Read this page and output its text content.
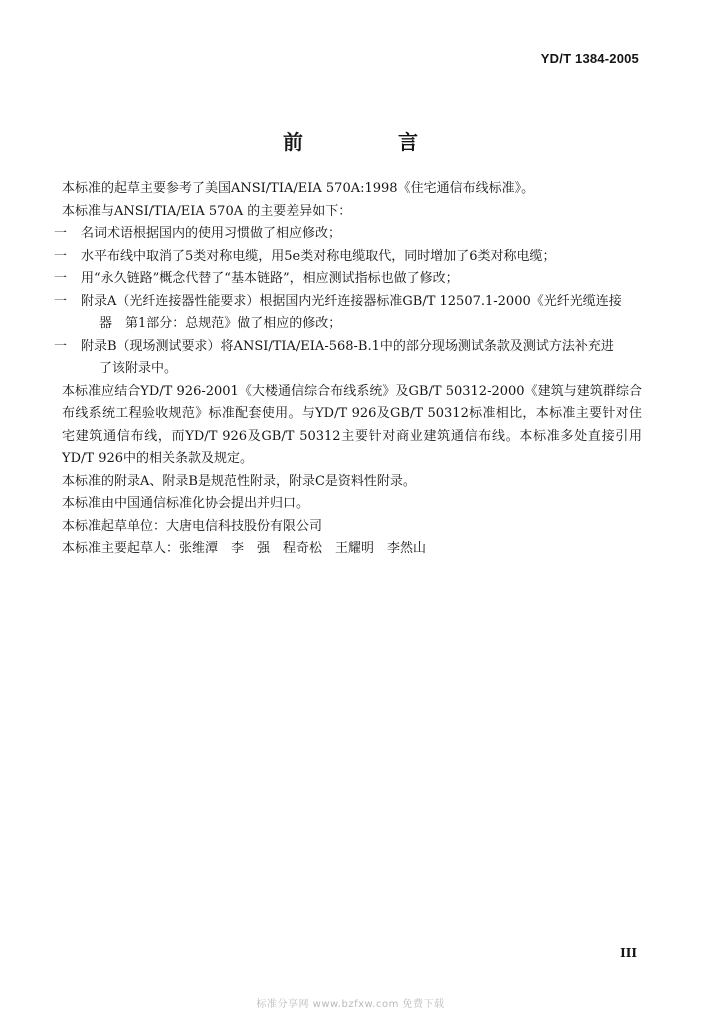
YD/T 1384-2005
前 言

本标准的起草主要参考了美国ANSI/TIA/EIA 570A:1998《住宅通信布线标准》。

本标准与ANSI/TIA/EIA 570A 的主要差异如下：

一	名词术语根据国内的使用习惯做了相应修改；
一	水平布线中取消了5类对称电缆，用5e类对称电缆取代，同时增加了6类对称电缆；
一	用“永久链路”概念代替了“基本链路”，相应测试指标也做了修改；
一	附录A（光纤连接器性能要求）根据国内光纤连接器标准GB/T 12507.1-2000《光纤光缆连接
器　第1部分：总规范》做了相应的修改；
一	附录B（现场测试要求）将ANSI/TIA/EIA-568-B.1中的部分现场测试条款及测试方法补充进
了该附录中。

本标准应结合YD/T 926-2001《大楼通信综合布线系统》及GB/T 50312-2000《建筑与建筑群综合布线系统工程验收规范》标准配套使用。与YD/T 926及GB/T 50312标准相比，本标准主要针对住宅建筑通信布线，而YD/T 926及GB/T 50312主要针对商业建筑通信布线。本标准多处直接引用YD/T 926中的相关条款及规定。

本标准的附录A、附录B是规范性附录，附录C是资料性附录。

本标准由中国通信标准化协会提出并归口。

本标准起草单位：大唐电信科技股份有限公司

本标准主要起草人：张维潭　李　强　程奇松　王耀明　李然山

III
标准分享网 www.bzfxw.com 免费下载
